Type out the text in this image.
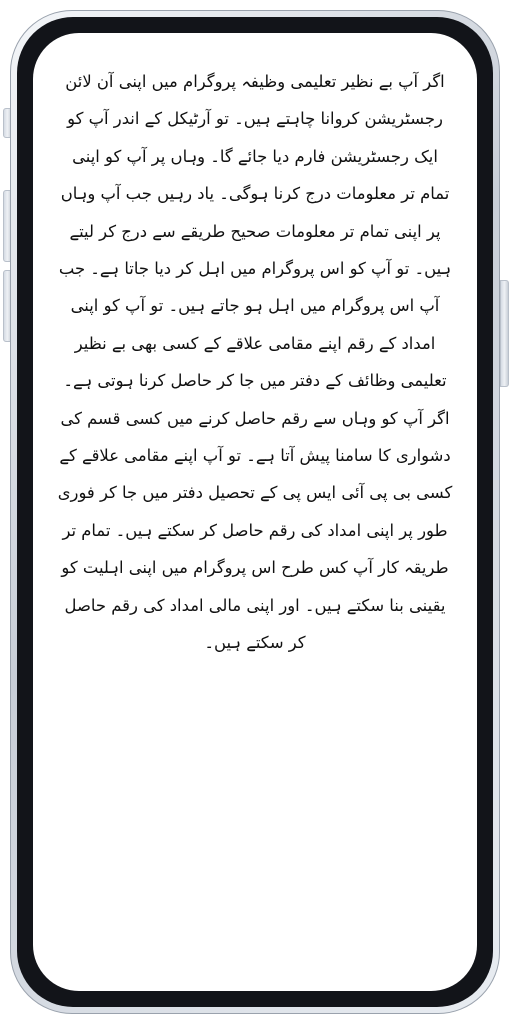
اگر آپ بے نظیر تعلیمی وظیفہ پروگرام میں اپنی آن لائن رجسٹریشن کروانا چاہتے ہیں۔ تو آرٹیکل کے اندر آپ کو ایک رجسٹریشن فارم دیا جائے گا۔ وہاں پر آپ کو اپنی تمام تر معلومات درج کرنا ہوگی۔ یاد رہیں جب آپ وہاں پر اپنی تمام تر معلومات صحیح طریقے سے درج کر لیتے ہیں۔ تو آپ کو اس پروگرام میں اہل کر دیا جاتا ہے۔ جب آپ اس پروگرام میں اہل ہو جاتے ہیں۔ تو آپ کو اپنی امداد کے رقم اپنے مقامی علاقے کے کسی بھی بے نظیر تعلیمی وظائف کے دفتر میں جا کر حاصل کرنا ہوتی ہے۔ اگر آپ کو وہاں سے رقم حاصل کرنے میں کسی قسم کی دشواری کا سامنا پیش آتا ہے۔ تو آپ اپنے مقامی علاقے کے کسی بی پی آئی ایس پی کے تحصیل دفتر میں جا کر فوری طور پر اپنی امداد کی رقم حاصل کر سکتے ہیں۔ تمام تر طریقہ کار آپ کس طرح اس پروگرام میں اپنی اہلیت کو یقینی بنا سکتے ہیں۔ اور اپنی مالی امداد کی رقم حاصل کر سکتے ہیں۔
